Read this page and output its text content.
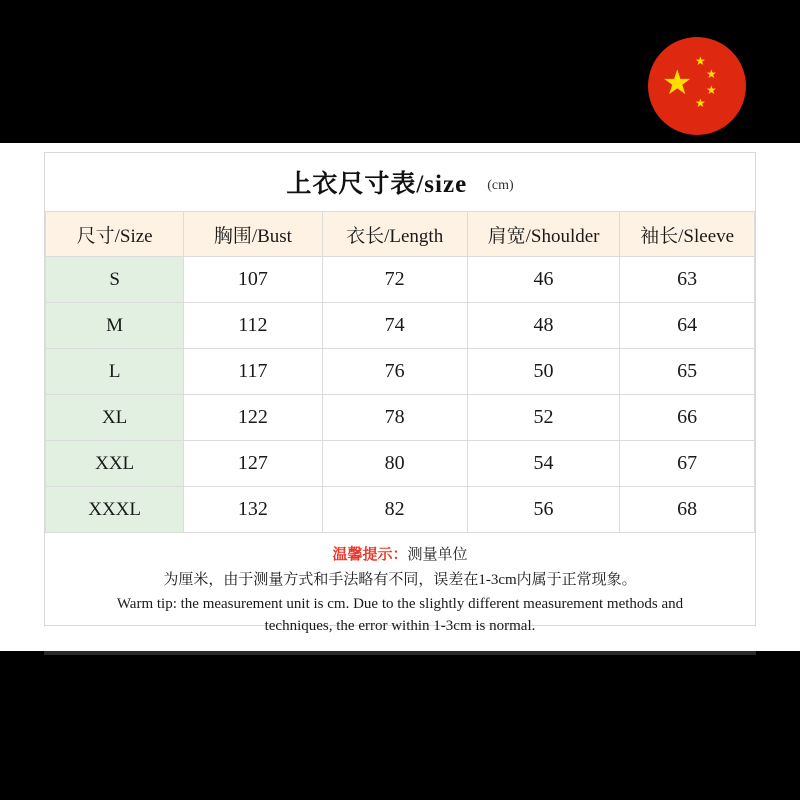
★
★
★
★
★
上衣尺寸表/size (cm)
尺寸/Size	胸围/Bust	衣长/Length	肩宽/Shoulder	袖长/Sleeve
S	107	72	46	63
M	112	74	48	64
L	117	76	50	65
XL	122	78	52	66
XXL	127	80	54	67
XXXL	132	82	56	68
温馨提示：测量单位
为厘米，由于测量方式和手法略有不同，误差在1-3cm内属于正常现象。
Warm tip: the measurement unit is cm. Due to the slightly different measurement methods and
techniques, the error within 1-3cm is normal.
